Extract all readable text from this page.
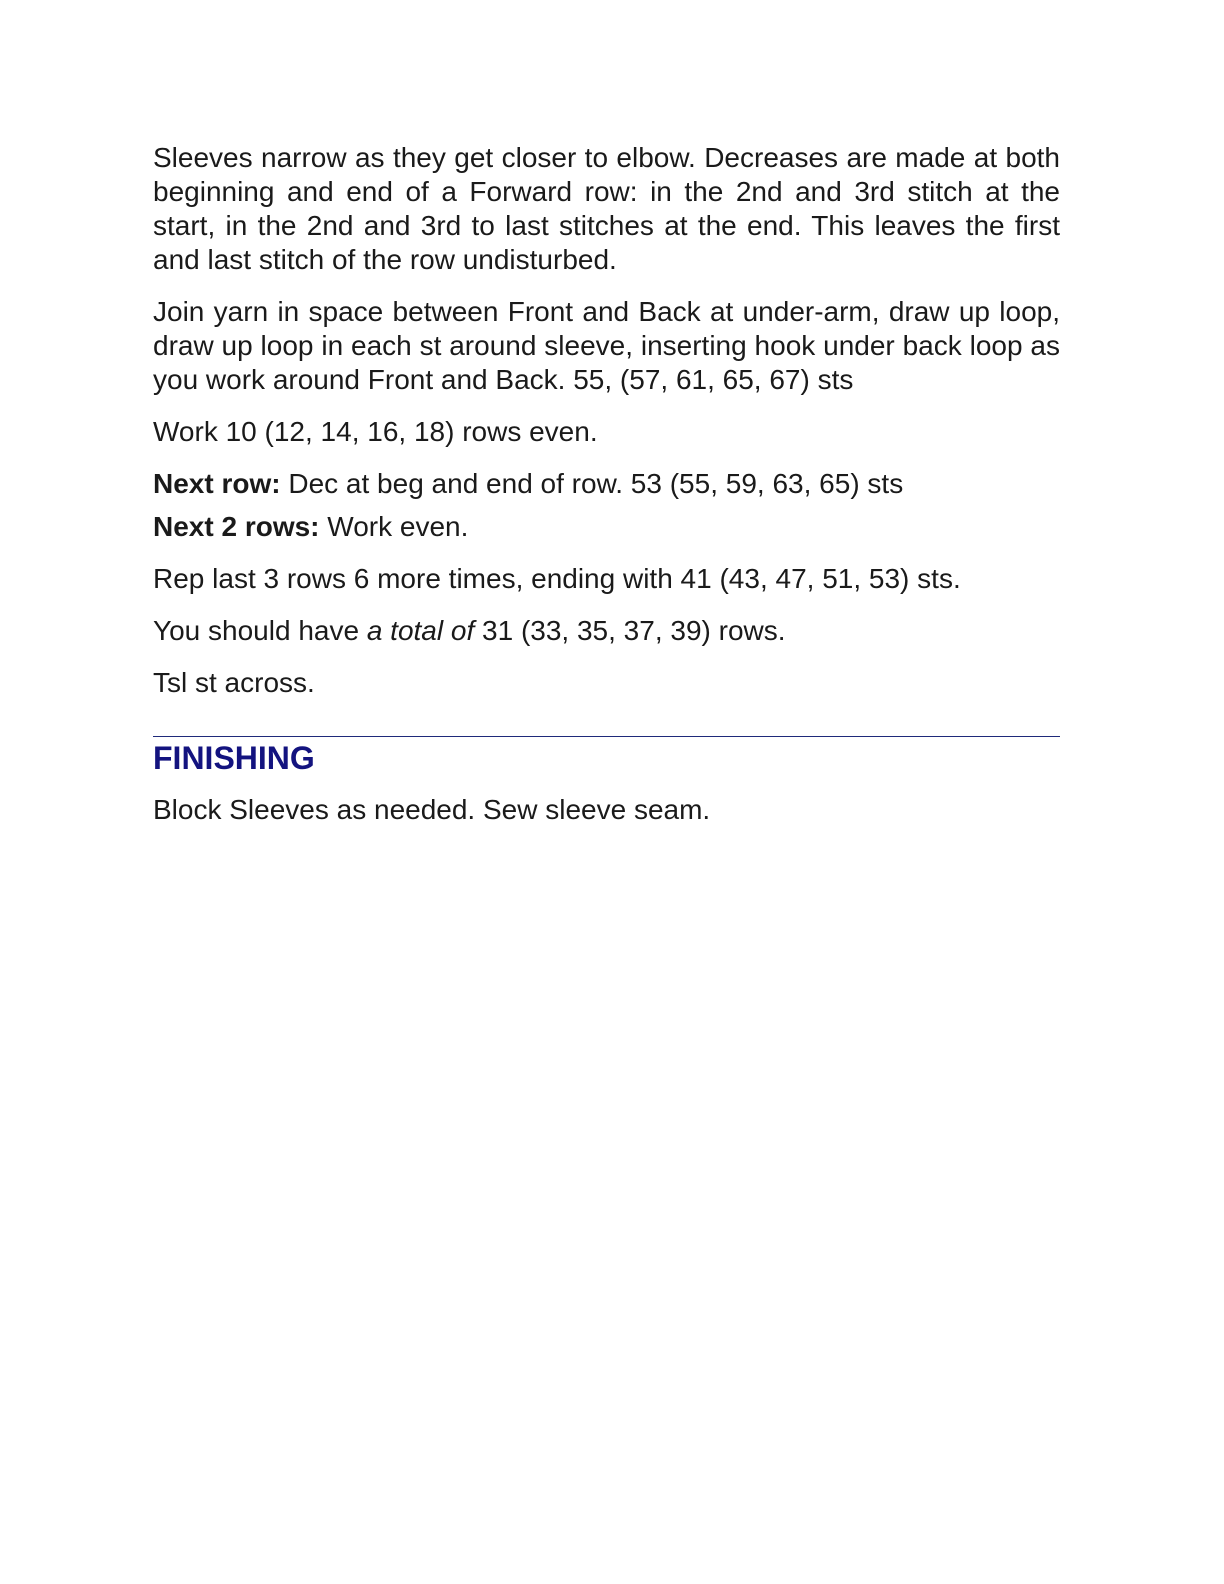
Sleeves narrow as they get closer to elbow. Decreases are made at both beginning and end of a Forward row: in the 2nd and 3rd stitch at the start, in the 2nd and 3rd to last stitches at the end. This leaves the first and last stitch of the row undisturbed.

Join yarn in space between Front and Back at under-arm, draw up loop, draw up loop in each st around sleeve, inserting hook under back loop as you work around Front and Back. 55, (57, 61, 65, 67) sts

Work 10 (12, 14, 16, 18) rows even.

Next row: Dec at beg and end of row. 53 (55, 59, 63, 65) sts

Next 2 rows: Work even.

Rep last 3 rows 6 more times, ending with 41 (43, 47, 51, 53) sts.

You should have a total of 31 (33, 35, 37, 39) rows.

Tsl st across.

FINISHING

Block Sleeves as needed. Sew sleeve seam.
